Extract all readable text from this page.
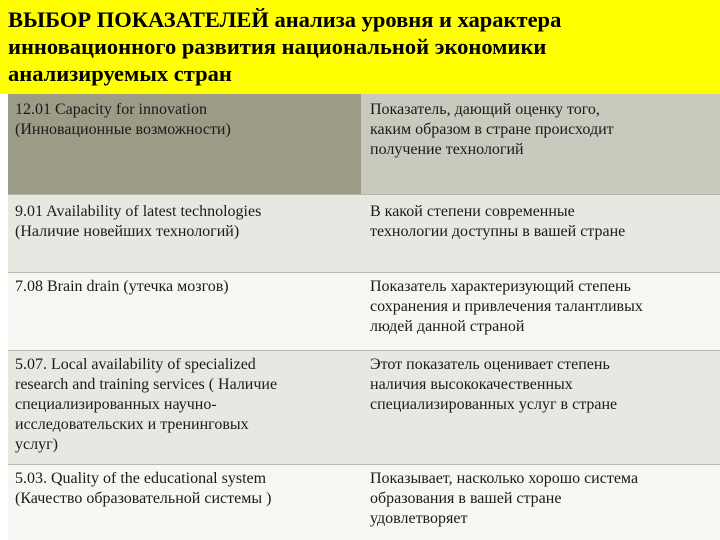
ВЫБОР ПОКАЗАТЕЛЕЙ анализа уровня и характера
инновационного развития национальной экономики
анализируемых стран
12.01 Capacity for innovation
(Инновационные возможности)
Показатель, дающий оценку того,
каким образом в стране происходит
получение технологий
9.01 Availability of latest technologies
(Наличие новейших технологий)
В какой степени современные
технологии доступны в вашей стране
7.08 Brain drain (утечка мозгов)	Показатель характеризующий степень
сохранения и привлечения талантливых
людей данной страной
5.07. Local availability of specialized
research and training services ( Наличие
специализированных научно-
исследовательских и тренинговых
услуг)
Этот показатель оценивает степень
наличия высококачественных
специализированных услуг в стране
5.03. Quality of the educational system
(Качество образовательной системы )
Показывает, насколько хорошо система
образования в вашей стране
удовлетворяет
